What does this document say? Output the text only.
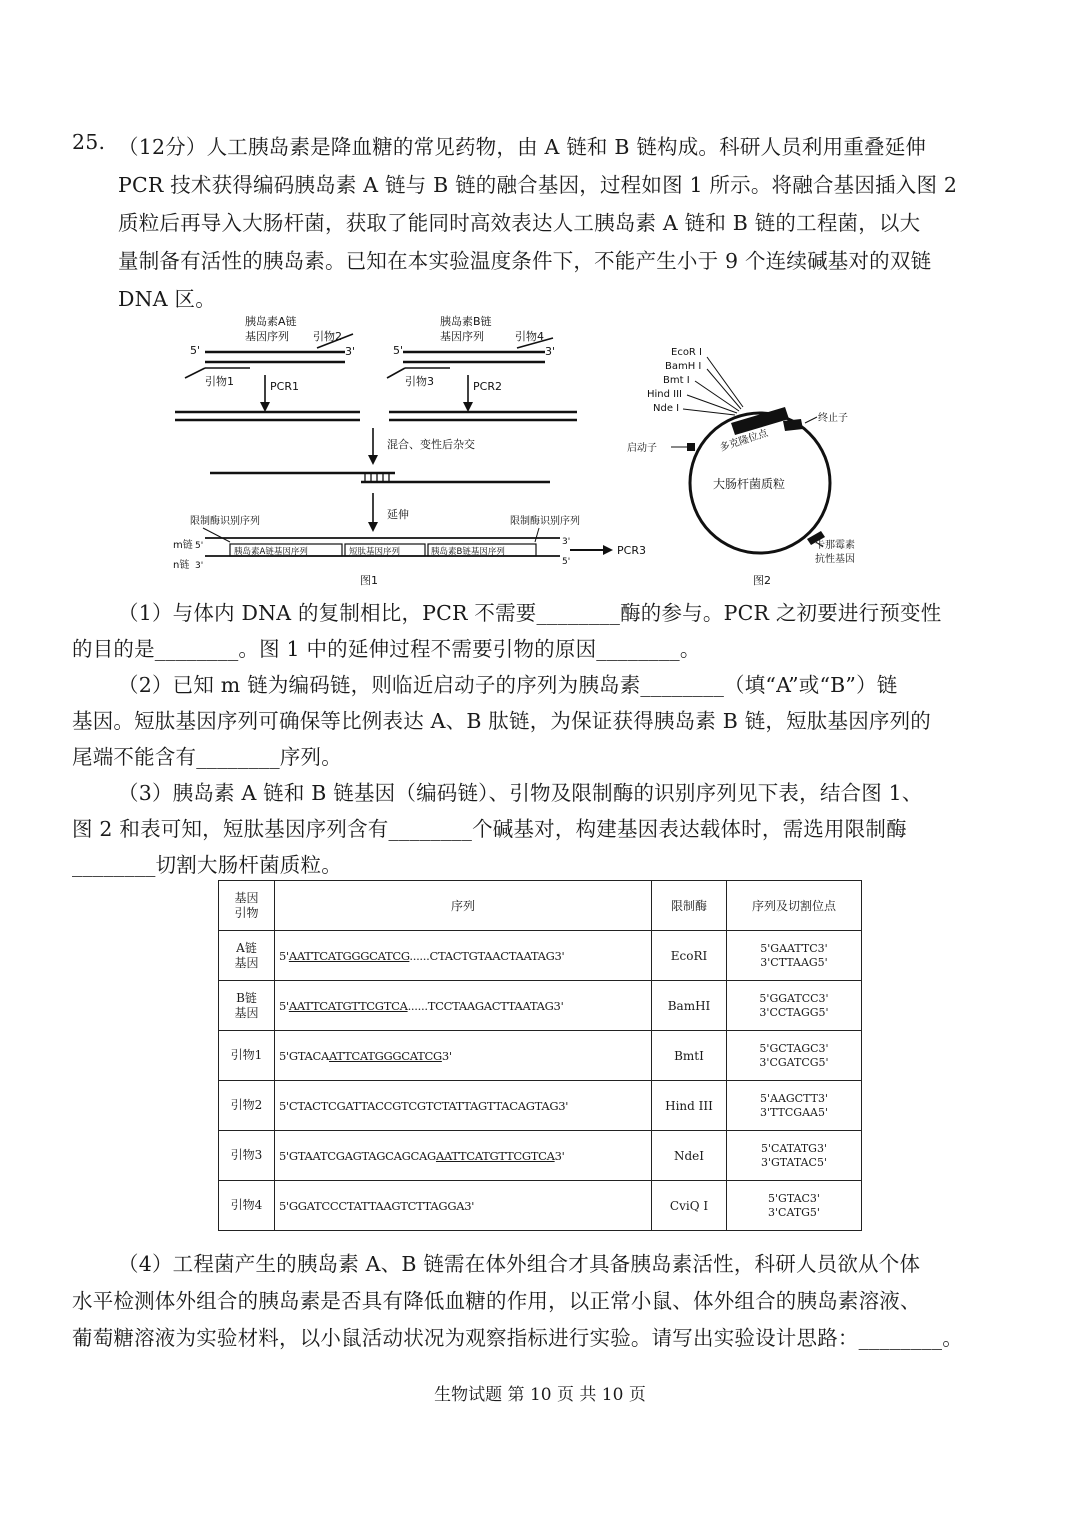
25. （12分）人工胰岛素是降血糖的常见药物，由 A 链和 B 链构成。科研人员利用重叠延伸
PCR 技术获得编码胰岛素 A 链与 B 链的融合基因，过程如图 1 所示。将融合基因插入图 2
质粒后再导入大肠杆菌，获取了能同时高效表达人工胰岛素 A 链和 B 链的工程菌，以大
量制备有活性的胰岛素。已知在本实验温度条件下，不能产生小于 9 个连续碱基对的双链
DNA 区。
胰岛素A链
基因序列 引物2
胰岛素B链
基因序列	引物4
5'	3'	5'	3'
引物1	引物3
PCR1	PCR2
混合、变性后杂交
延伸
限制酶识别序列	限制酶识别序列
m链 5'
n链 3'
3'
5'
胰岛素A链基因序列	短肽基因序列	胰岛素B链基因序列	PCR3
图1
EcoR I
BamH I
Bmt I
Hind III
Nde I
终止子
启动子	多克隆位点
大肠杆菌质粒
卡那霉素
抗性基因
图2
（1）与体内 DNA 的复制相比，PCR 不需要________酶的参与。PCR 之初要进行预变性
的目的是________。图 1 中的延伸过程不需要引物的原因________。
（2）已知 m 链为编码链，则临近启动子的序列为胰岛素________（填“A”或“B”）链
基因。短肽基因序列可确保等比例表达 A、B 肽链，为保证获得胰岛素 B 链，短肽基因序列的
尾端不能含有________序列。
（3）胰岛素 A 链和 B 链基因（编码链）、引物及限制酶的识别序列见下表，结合图 1、
图 2 和表可知，短肽基因序列含有________个碱基对，构建基因表达载体时，需选用限制酶
________切割大肠杆菌质粒。
基因
引物	序列	限制酶	序列及切割位点
A链
基因	5'AATTCATGGGCATCG......CTACTGTAACTAATAG3'	EcoRI	5'GAATTC3'
3'CTTAAG5'
B链
基因	5'AATTCATGTTCGTCA......TCCTAAGACTTAATAG3'	BamHI	5'GGATCC3'
3'CCTAGG5'
引物1	5'GTACAATTCATGGGCATCG3'	BmtI	5'GCTAGC3'
3'CGATCG5'
引物2	5'CTACTCGATTACCGTCGTCTATTAGTTACAGTAG3'	Hind III	5'AAGCTT3'
3'TTCGAA5'
引物3	5'GTAATCGAGTAGCAGCAGAATTCATGTTCGTCA3'	NdeI	5'CATATG3'
3'GTATAC5'
引物4	5'GGATCCCTATTAAGTCTTAGGA3'	CviQ I	5'GTAC3'
3'CATG5'
（4）工程菌产生的胰岛素 A、B 链需在体外组合才具备胰岛素活性，科研人员欲从个体
水平检测体外组合的胰岛素是否具有降低血糖的作用，以正常小鼠、体外组合的胰岛素溶液、
葡萄糖溶液为实验材料，以小鼠活动状况为观察指标进行实验。请写出实验设计思路：________。
生物试题 第 10 页 共 10 页
